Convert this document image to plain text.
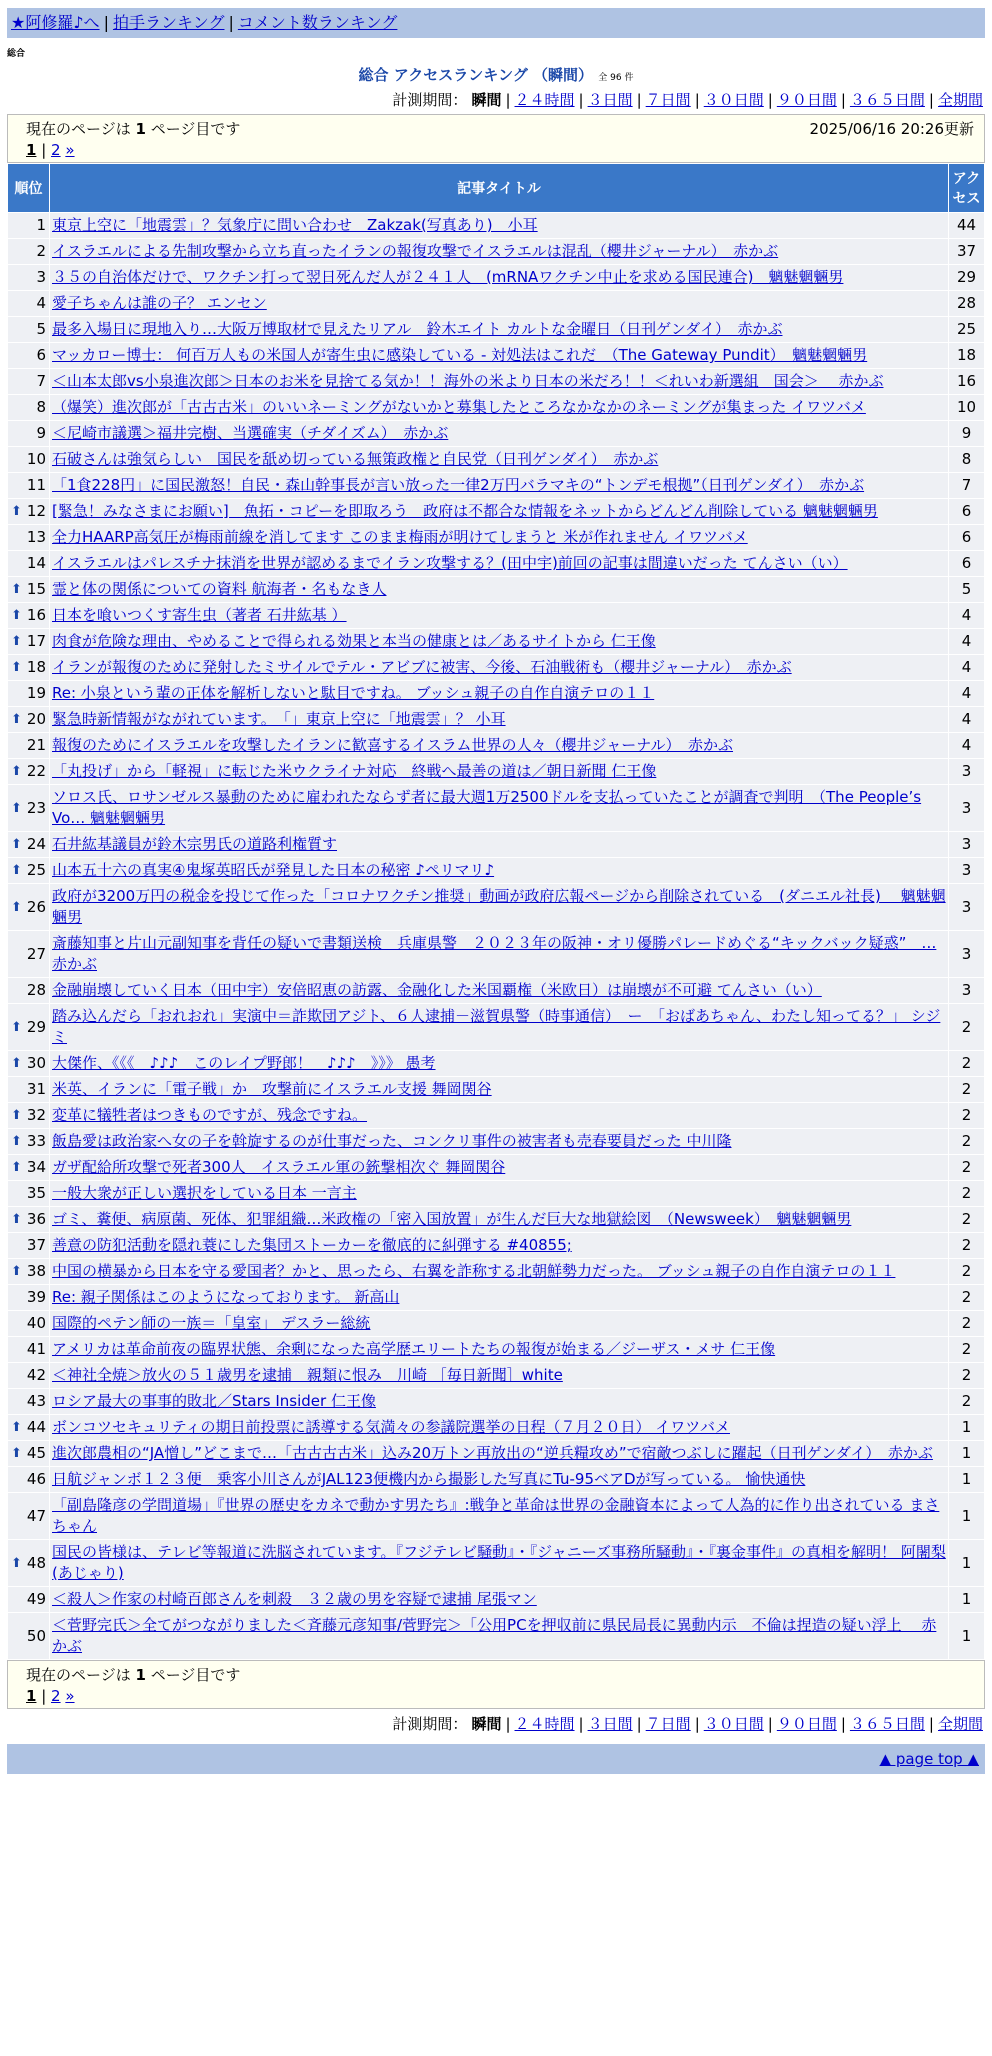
★阿修羅♪へ | 拍手ランキング | コメント数ランキング
総合
総合 アクセスランキング （瞬間） 全 96 件
計測期間： 瞬間 | ２４時間 | ３日間 | ７日間 | ３０日間 | ９０日間 | ３６５日間 | 全期間
現在のページは 1 ページ目です	2025/06/16 20:26更新
1 | 2 »
順位	記事タイトル	アクセス
1	東京上空に「地震雲」？気象庁に問い合わせ　Zakzak(写真あり)　小耳	44
2	イスラエルによる先制攻撃から立ち直ったイランの報復攻撃でイスラエルは混乱（櫻井ジャーナル）　赤かぶ	37
3	３５の自治体だけで、ワクチン打って翌日死んだ人が２４１人　(mRNAワクチン中止を求める国民連合)　魑魅魍魎男	29
4	愛子ちゃんは誰の子？ エンセン	28
5	最多入場日に現地入り…大阪万博取材で見えたリアル　鈴木エイト カルトな金曜日（日刊ゲンダイ）　赤かぶ	25
6	マッカロー博士： 何百万人もの米国人が寄生虫に感染している - 対処法はこれだ　（The Gateway Pundit）　魑魅魍魎男	18
7	＜山本太郎vs小泉進次郎＞日本のお米を見捨てる気か！！海外の米より日本の米だろ！！＜れいわ新選組　国会＞　 赤かぶ	16
8	（爆笑）進次郎が「古古古米」のいいネーミングがないかと募集したところなかなかのネーミングが集まった イワツバメ	10
9	＜尼崎市議選＞福井完樹、当選確実（チダイズム）　赤かぶ	9
10	石破さんは強気らしい　国民を舐め切っている無策政権と自民党（日刊ゲンダイ）　赤かぶ	8
11	「1食228円」に国民激怒！自民・森山幹事長が言い放った一律2万円バラマキの“トンデモ根拠”（日刊ゲンダイ）　赤かぶ	7

⬆ 12	[緊急！みなさまにお願い]　魚拓・コピーを即取ろう　政府は不都合な情報をネットからどんどん削除している 魑魅魍魎男	6
13	全力HAARP高気圧が梅雨前線を消してます このまま梅雨が明けてしまうと 米が作れません イワツバメ	6
14	イスラエルはパレスチナ抹消を世界が認めるまでイラン攻撃する？(田中宇)前回の記事は間違いだった てんさい（い）	6

⬆ 15	霊と体の関係についての資料 航海者・名もなき人	5

⬆ 16	日本を喰いつくす寄生虫（著者 石井紘基 ）	4

⬆ 17	肉食が危険な理由、やめることで得られる効果と本当の健康とは／あるサイトから 仁王像	4

⬆ 18	イランが報復のために発射したミサイルでテル・アビブに被害、今後、石油戦術も（櫻井ジャーナル）　赤かぶ	4
19	Re: 小泉という輩の正体を解析しないと駄目ですね。 ブッシュ親子の自作自演テロの１１	4

⬆ 20	緊急時新情報がながれています。　「」東京上空に「地震雲」？ 小耳	4
21	報復のためにイスラエルを攻撃したイランに歓喜するイスラム世界の人々（櫻井ジャーナル）　赤かぶ	4

⬆ 22	「丸投げ」から「軽視」に転じた米ウクライナ対応　終戦へ最善の道は／朝日新聞 仁王像	3

⬆ 23	ソロス氏、ロサンゼルス暴動のために雇われたならず者に最大週1万2500ドルを支払っていたことが調査で判明　（The People’s Vo… 魑魅魍魎男	3

⬆ 24	石井紘基議員が鈴木宗男氏の道路利権質す	3

⬆ 25	山本五十六の真実④鬼塚英昭氏が発見した日本の秘密 ♪ペリマリ♪	3

⬆ 26	政府が3200万円の税金を投じて作った「コロナワクチン推奨」動画が政府広報ページから削除されている　(ダニエル社長)　 魑魅魍魎男	3
27	斎藤知事と片山元副知事を背任の疑いで書類送検　兵庫県警　２０２３年の阪神・オリ優勝パレードめぐる“キックバック疑惑”　… 赤かぶ	3
28	金融崩壊していく日本（田中宇）安倍昭恵の訪露、金融化した米国覇権（米欧日）は崩壊が不可避 てんさい（い）	3

⬆ 29	踏み込んだら「おれおれ」実演中＝詐欺団アジト、６人逮捕－滋賀県警（時事通信）　ー　「おばあちゃん、わたし知ってる？」 シジミ	2

⬆ 30	大傑作、《《《　♪♪♪　このレイプ野郎！　♪♪♪　》》》 愚考	2
31	米英、イランに「電子戦」か　攻撃前にイスラエル支援 舞岡関谷	2

⬆ 32	変革に犠牲者はつきものですが、残念ですね。	2

⬆ 33	飯島愛は政治家へ女の子を斡旋するのが仕事だった、コンクリ事件の被害者も売春要員だった 中川隆	2

⬆ 34	ガザ配給所攻撃で死者300人　イスラエル軍の銃撃相次ぐ 舞岡関谷	2
35	一般大衆が正しい選択をしている日本 一言主	2

⬆ 36	ゴミ、糞便、病原菌、死体、犯罪組織…米政権の「密入国放置」が生んだ巨大な地獄絵図　（Newsweek）　魑魅魍魎男	2
37	善意の防犯活動を隠れ蓑にした集団ストーカーを徹底的に糾弾する #40855;	2

⬆ 38	中国の横暴から日本を守る愛国者？かと、思ったら、右翼を詐称する北朝鮮勢力だった。 ブッシュ親子の自作自演テロの１１	2
39	Re: 親子関係はこのようになっております。 新高山	2
40	国際的ペテン師の一族＝「皇室」 デスラー総統	2
41	アメリカは革命前夜の臨界状態、余剰になった高学歴エリートたちの報復が始まる／ジーザス・メサ 仁王像	2
42	＜神社全焼＞放火の５１歳男を逮捕　親類に恨み　川崎 ［毎日新聞］white	2
43	ロシア最大の事事的敗北／Stars Insider 仁王像	2

⬆ 44	ボンコツセキュリティの期日前投票に誘導する気満々の参議院選挙の日程（７月２０日） イワツバメ	1

⬆ 45	進次郎農相の“JA憎し”どこまで…「古古古古米」込み20万トン再放出の“逆兵糧攻め”で宿敵つぶしに躍起（日刊ゲンダイ）　赤かぶ	1
46	日航ジャンボ１２３便　乗客小川さんがJAL123便機内から撮影した写真にTu-95ベアDが写っている。 愉快通快	1
47	「副島隆彦の学問道場」『世界の歴史をカネで動かす男たち』:戦争と革命は世界の金融資本によって人為的に作り出されている まさちゃん	1

⬆ 48	国民の皆様は、テレビ等報道に洗脳されています。『フジテレビ騒動』・『ジャニーズ事務所騒動』・『裏金事件』の真相を解明！ 阿闍梨(あじゃり)	1
49	＜殺人＞作家の村崎百郎さんを刺殺　３２歳の男を容疑で逮捕 尾張マン	1
50	＜菅野完氏＞全てがつながりました＜斉藤元彦知事/菅野完＞「公用PCを押収前に県民局長に異動内示　不倫は捏造の疑い浮上　 赤かぶ	1
現在のページは 1 ページ目です
1 | 2 »
計測期間： 瞬間 | ２４時間 | ３日間 | ７日間 | ３０日間 | ９０日間 | ３６５日間 | 全期間
▲ page top ▲
